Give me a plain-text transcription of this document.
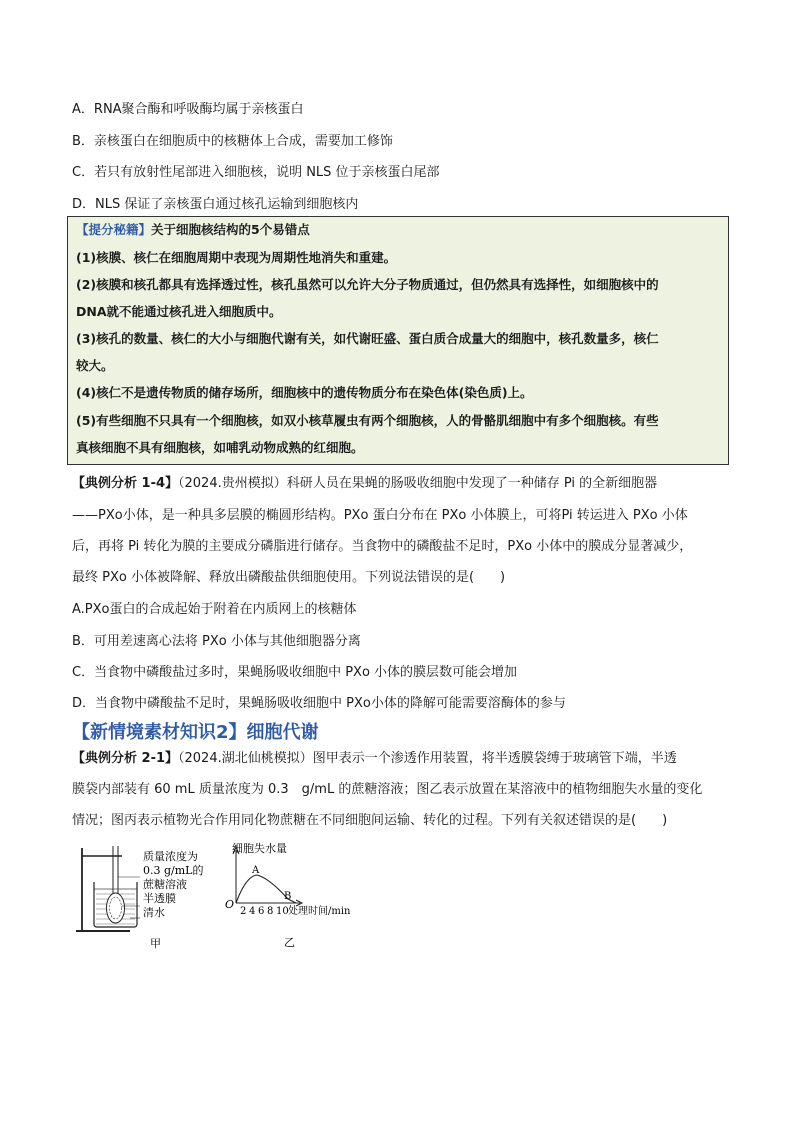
A．RNA聚合酶和呼吸酶均属于亲核蛋白
B．亲核蛋白在细胞质中的核糖体上合成，需要加工修饰
C．若只有放射性尾部进入细胞核，说明 NLS 位于亲核蛋白尾部
D．NLS 保证了亲核蛋白通过核孔运输到细胞核内
【提分秘籍】关于细胞核结构的5个易错点
(1)核膜、核仁在细胞周期中表现为周期性地消失和重建。
(2)核膜和核孔都具有选择透过性，核孔虽然可以允许大分子物质通过，但仍然具有选择性，如细胞核中的
DNA就不能通过核孔进入细胞质中。
(3)核孔的数量、核仁的大小与细胞代谢有关，如代谢旺盛、蛋白质合成量大的细胞中，核孔数量多，核仁
较大。
(4)核仁不是遗传物质的储存场所，细胞核中的遗传物质分布在染色体(染色质)上。
(5)有些细胞不只具有一个细胞核，如双小核草履虫有两个细胞核，人的骨骼肌细胞中有多个细胞核。有些
真核细胞不具有细胞核，如哺乳动物成熟的红细胞。
【典例分析 1-4】（2024.贵州模拟）科研人员在果蝇的肠吸收细胞中发现了一种储存 Pi 的全新细胞器
——PXo小体，是一种具多层膜的椭圆形结构。PXo 蛋白分布在 PXo 小体膜上，可将Pi 转运进入 PXo 小体
后，再将 Pi 转化为膜的主要成分磷脂进行储存。当食物中的磷酸盐不足时，PXo 小体中的膜成分显著减少，
最终 PXo 小体被降解、释放出磷酸盐供细胞使用。下列说法错误的是(　　)
A.PXo蛋白的合成起始于附着在内质网上的核糖体
B．可用差速离心法将 PXo 小体与其他细胞器分离
C．当食物中磷酸盐过多时，果蝇肠吸收细胞中 PXo 小体的膜层数可能会增加
D．当食物中磷酸盐不足时，果蝇肠吸收细胞中 PXo小体的降解可能需要溶酶体的参与
【新情境素材知识2】细胞代谢
【典例分析 2-1】（2024.湖北仙桃模拟）图甲表示一个渗透作用装置，将半透膜袋缚于玻璃管下端，半透
膜袋内部装有 60 mL 质量浓度为 0.3　g/mL 的蔗糖溶液；图乙表示放置在某溶液中的植物细胞失水量的变化
情况；图丙表示植物光合作用同化物蔗糖在不同细胞间运输、转化的过程。下列有关叙述错误的是(　　)
质量浓度为
0.3 g/mL的
蔗糖溶液
半透膜
清水
甲
细胞失水量
O
A
B
2 4 6 8 10 处理时间/min
乙
